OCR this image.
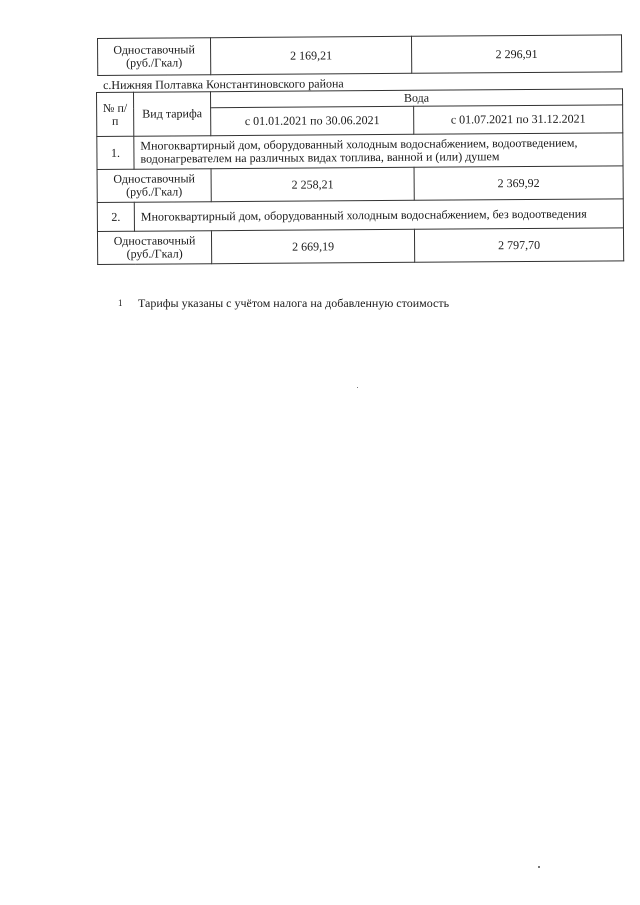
Одноставочный (руб./Гкал)	2 169,21	2 296,91
с.Нижняя Полтавка Константиновского района
№ п/п	Вид тарифа	Вода	
		с 01.01.2021 по 30.06.2021	с 01.07.2021 по 31.12.2021
1.	Многоквартирный дом, оборудованный холодным водоснабжением, водоотведением, водонагревателем на различных видах топлива, ванной и (или) душем		
Одноставочный (руб./Гкал)		2 258,21	2 369,92
2.	Многоквартирный дом, оборудованный холодным водоснабжением, без водоотведения		
Одноставочный (руб./Гкал)		2 669,19	2 797,70
1 Тарифы указаны с учётом налога на добавленную стоимость
